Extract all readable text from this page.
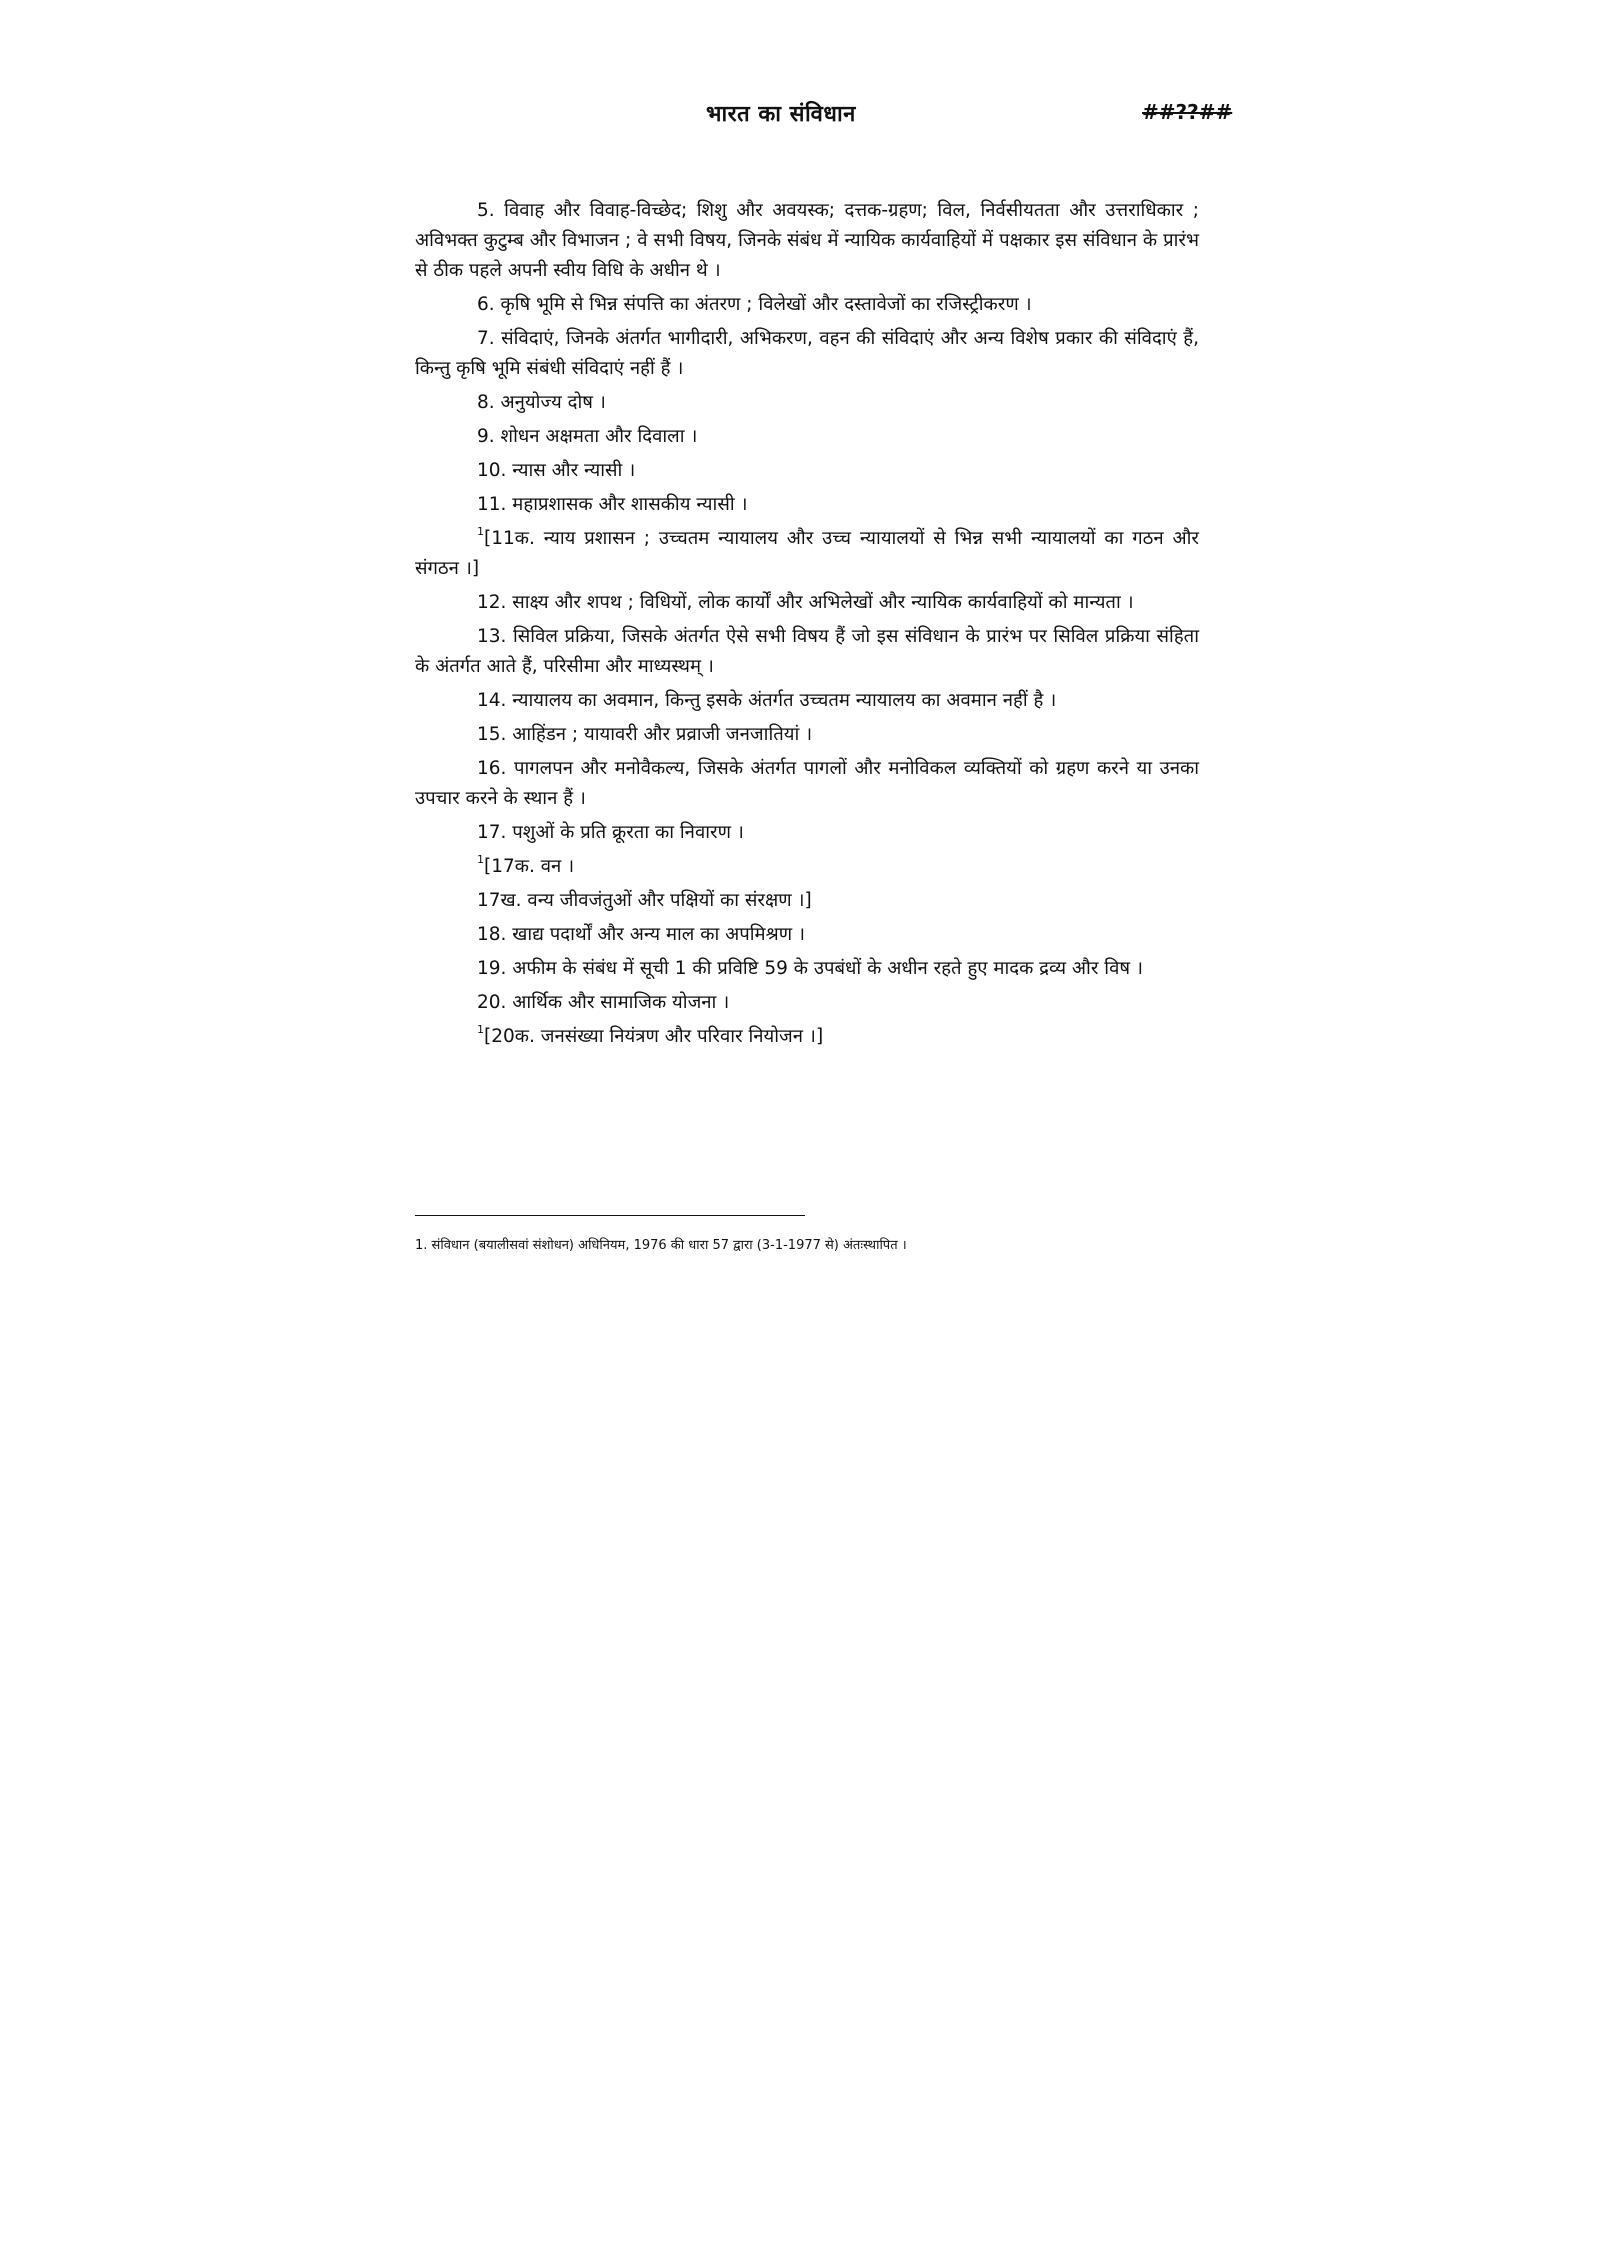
भारत का संविधान	##??##

5. विवाह और विवाह-विच्छेद; शिशु और अवयस्क; दत्तक-ग्रहण; विल, निर्वसीयतता और उत्तराधिकार ; अविभक्त कुटुम्ब और विभाजन ; वे सभी विषय, जिनके संबंध में न्यायिक कार्यवाहियों में पक्षकार इस संविधान के प्रारंभ से ठीक पहले अपनी स्वीय विधि के अधीन थे ।

6. कृषि भूमि से भिन्न संपत्ति का अंतरण ; विलेखों और दस्तावेजों का रजिस्ट्रीकरण ।

7. संविदाएं, जिनके अंतर्गत भागीदारी, अभिकरण, वहन की संविदाएं और अन्य विशेष प्रकार की संविदाएं हैं, किन्तु कृषि भूमि संबंधी संविदाएं नहीं हैं ।

8. अनुयोज्य दोष ।

9. शोधन अक्षमता और दिवाला ।

10. न्यास और न्यासी ।

11. महाप्रशासक और शासकीय न्यासी ।

$^1$[11क. न्याय प्रशासन ; उच्चतम न्यायालय और उच्च न्यायालयों से भिन्न सभी न्यायालयों का गठन और संगठन ।]

12. साक्ष्य और शपथ ; विधियों, लोक कार्यों और अभिलेखों और न्यायिक कार्यवाहियों को मान्यता ।

13. सिविल प्रक्रिया, जिसके अंतर्गत ऐसे सभी विषय हैं जो इस संविधान के प्रारंभ पर सिविल प्रक्रिया संहिता के अंतर्गत आते हैं, परिसीमा और माध्यस्थम् ।

14. न्यायालय का अवमान, किन्तु इसके अंतर्गत उच्चतम न्यायालय का अवमान नहीं है ।

15. आहिंडन ; यायावरी और प्रव्राजी जनजातियां ।

16. पागलपन और मनोवैकल्य, जिसके अंतर्गत पागलों और मनोविकल व्यक्तियों को ग्रहण करने या उनका उपचार करने के स्थान हैं ।

17. पशुओं के प्रति क्रूरता का निवारण ।

$^1$[17क. वन ।

17ख. वन्य जीवजंतुओं और पक्षियों का संरक्षण ।]

18. खाद्य पदार्थों और अन्य माल का अपमिश्रण ।

19. अफीम के संबंध में सूची 1 की प्रविष्टि 59 के उपबंधों के अधीन रहते हुए मादक द्रव्य और विष ।

20. आर्थिक और सामाजिक योजना ।

$^1$[20क. जनसंख्या नियंत्रण और परिवार नियोजन ।]

1. संविधान (बयालीसवां संशोधन) अधिनियम, 1976 की धारा 57 द्वारा (3-1-1977 से) अंतःस्थापित ।
